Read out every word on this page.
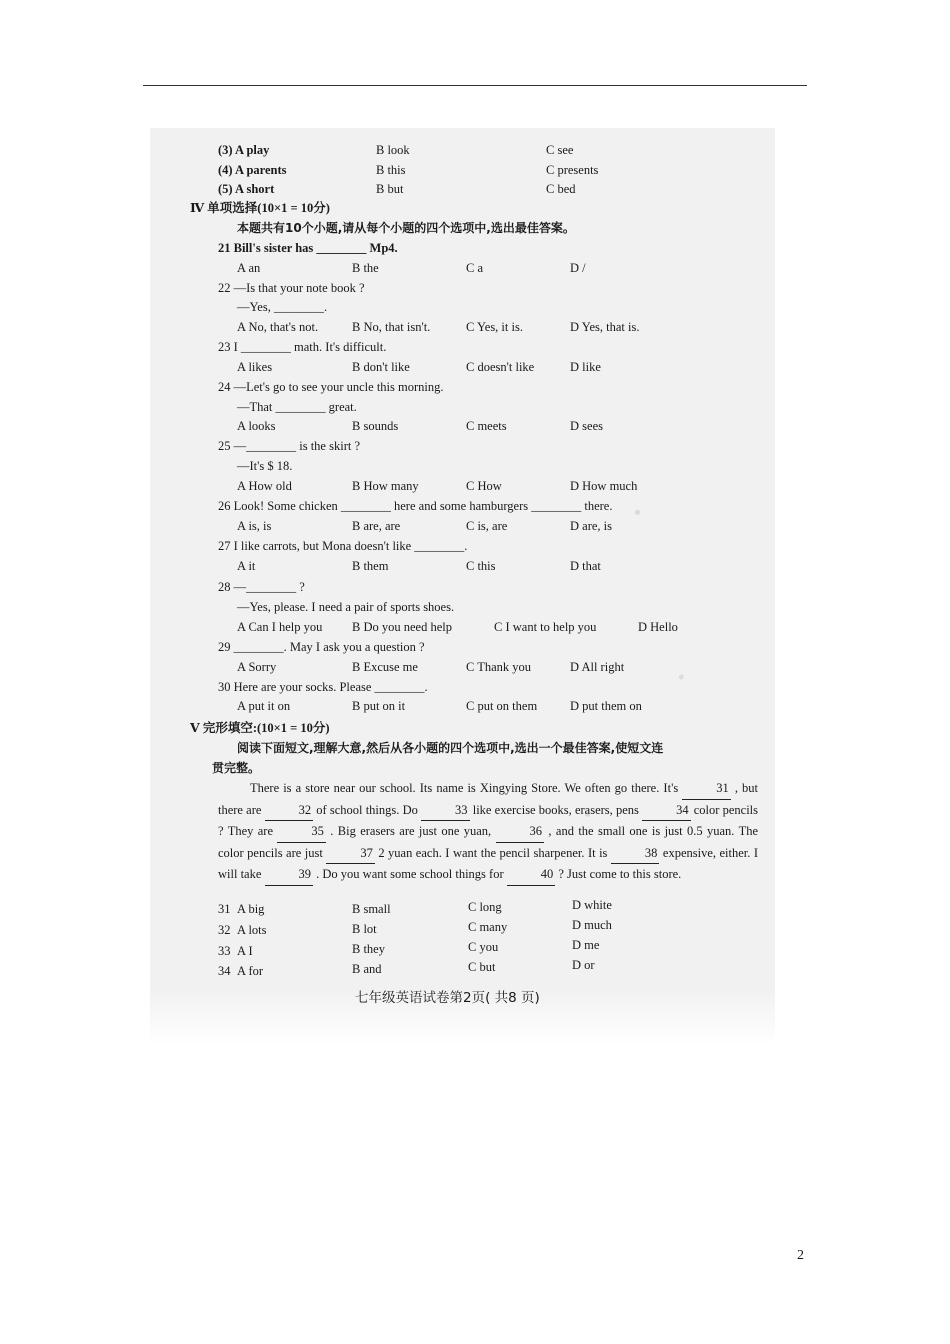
(3) A play	B look	C see
(4) A parents	B this	C presents
(5) A short	B but	C bed
Ⅳ 单项选择(10×1 = 10分)
本题共有10个小题,请从每个小题的四个选项中,选出最佳答案。
21 Bill's sister has ________ Mp4.
A an	B the	C a	D /
22 —Is that your note book ?
—Yes, ________.
A No, that's not.	B No, that isn't.	C Yes, it is.	D Yes, that is.
23 I ________ math. It's difficult.
A likes	B don't like	C doesn't like	D like
24 —Let's go to see your uncle this morning.
—That ________ great.
A looks	B sounds	C meets	D sees
25 —________ is the skirt ?
—It's $ 18.
A How old	B How many	C How	D How much
26 Look! Some chicken ________ here and some hamburgers ________ there.
A is, is	B are, are	C is, are	D are, is
27 I like carrots, but Mona doesn't like ________.
A it	B them	C this	D that
28 —________ ?
—Yes, please. I need a pair of sports shoes.
A Can I help you B Do you need help	C I want to help you	D Hello
29 ________. May I ask you a question ?
A Sorry	B Excuse me	C Thank you	D All right
30 Here are your socks. Please ________.
A put it on	B put on it	C put on them	D put them on
Ⅴ 完形填空:(10×1 = 10分)
阅读下面短文,理解大意,然后从各小题的四个选项中,选出一个最佳答案,使短文连
贯完整。
There is a store near our school. Its name is Xingying Store. We often go there. It's	31 , but there are	32 of school things. Do	33 like exercise books, erasers, pens	34 color pencils ? They are	35 . Big erasers are just one yuan,	36 , and the small one is just 0.5 yuan. The color pencils are just	37 2 yuan each. I want the pencil sharpener. It is	38 expensive, either. I will take	39 . Do you want some school things for	40 ? Just come to this store.
31 A big	B small	C long	D white
32 A lots	B lot	C many	D much
33 A I	B they	C you	D me
34 A for	B and	C but	D or
七年级英语试卷第2页( 共8 页)
2
